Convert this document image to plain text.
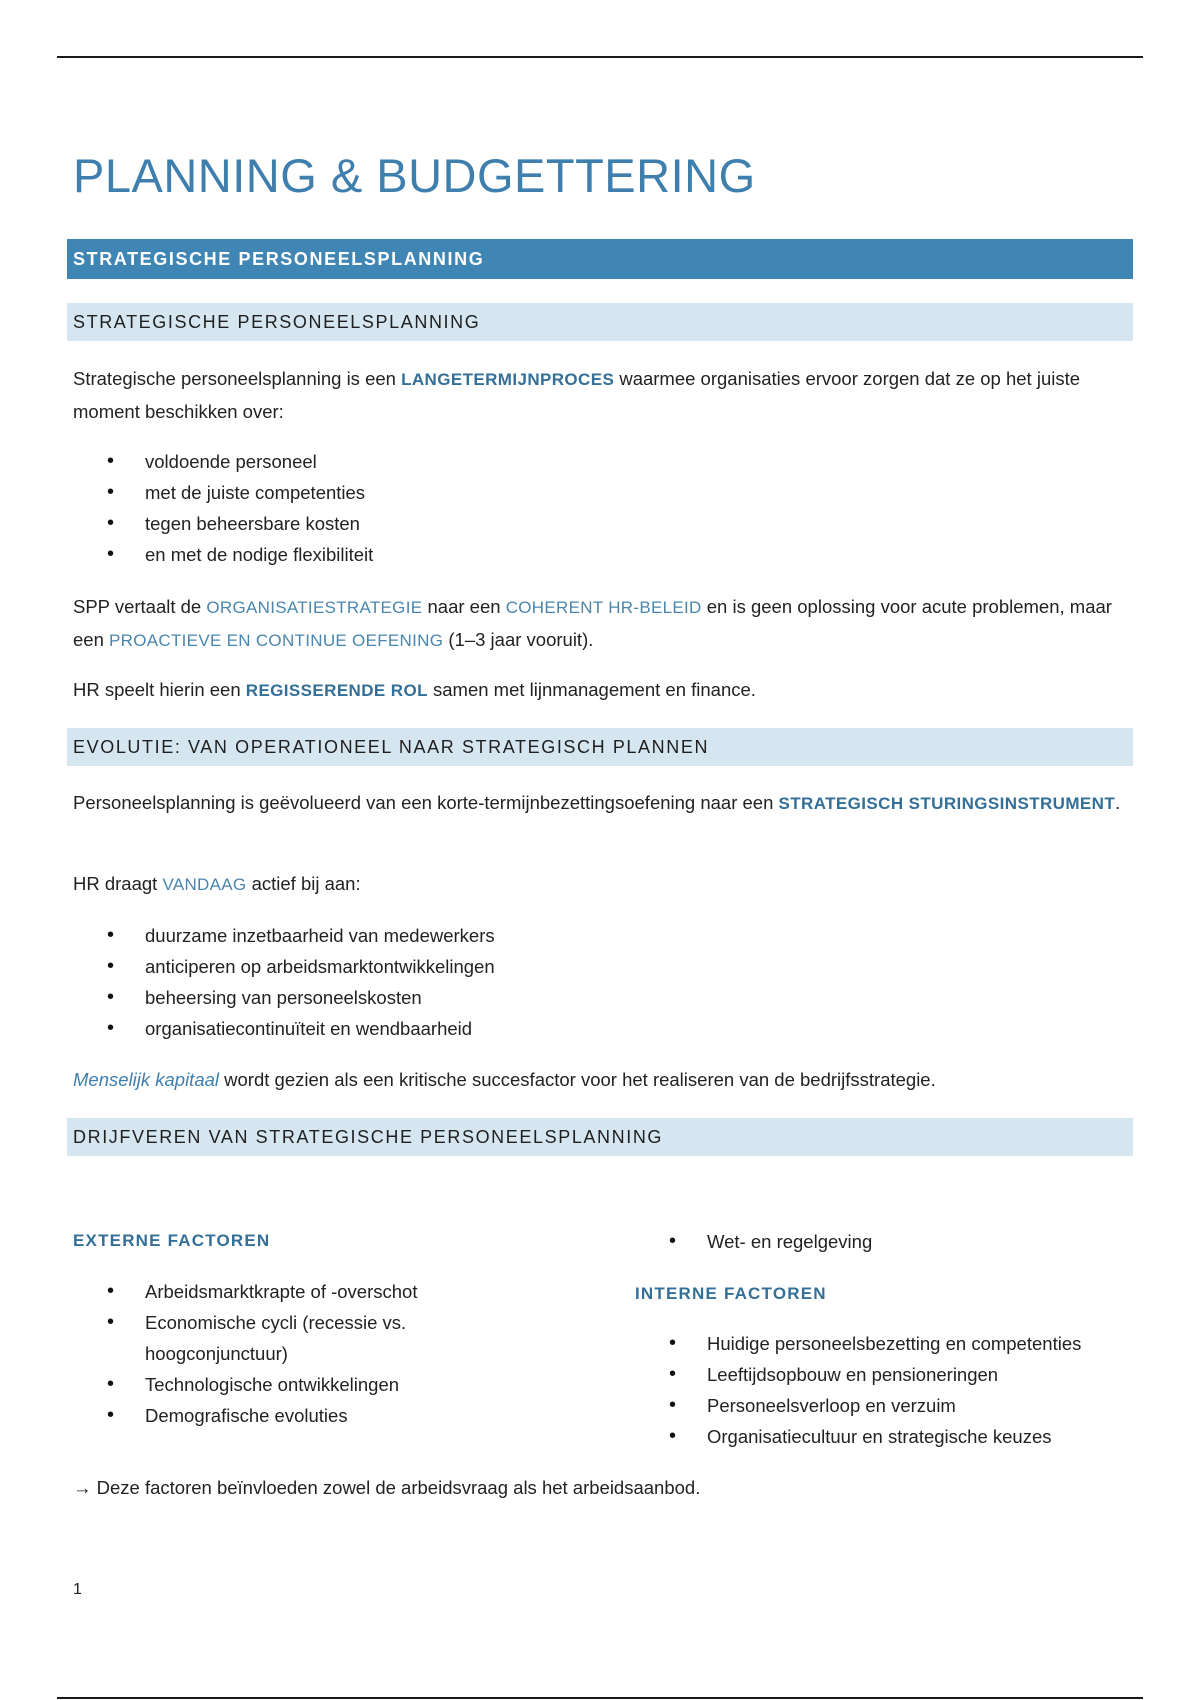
PLANNING & BUDGETTERING
STRATEGISCHE PERSONEELSPLANNING
STRATEGISCHE PERSONEELSPLANNING

Strategische personeelsplanning is een LANGETERMIJNPROCES waarmee organisaties ervoor zorgen dat ze op het juiste moment beschikken over:

• voldoende personeel
• met de juiste competenties
• tegen beheersbare kosten
• en met de nodige flexibiliteit

SPP vertaalt de ORGANISATIESTRATEGIE naar een COHERENT HR-BELEID en is geen oplossing voor acute problemen, maar een PROACTIEVE EN CONTINUE OEFENING (1–3 jaar vooruit).

HR speelt hierin een REGISSERENDE ROL samen met lijnmanagement en finance.

EVOLUTIE: VAN OPERATIONEEL NAAR STRATEGISCH PLANNEN

Personeelsplanning is geëvolueerd van een korte-termijnbezettingsoefening naar een STRATEGISCH STURINGSINSTRUMENT.

HR draagt VANDAAG actief bij aan:

• duurzame inzetbaarheid van medewerkers
• anticiperen op arbeidsmarktontwikkelingen
• beheersing van personeelskosten
• organisatiecontinuïteit en wendbaarheid

Menselijk kapitaal wordt gezien als een kritische succesfactor voor het realiseren van de bedrijfsstrategie.

DRIJFVEREN VAN STRATEGISCHE PERSONEELSPLANNING
EXTERNE FACTOREN
• Arbeidsmarktkrapte of -overschot
• Economische cycli (recessie vs. hoogconjunctuur)
• Technologische ontwikkelingen
• Demografische evoluties
• Wet- en regelgeving
INTERNE FACTOREN
• Huidige personeelsbezetting en competenties
• Leeftijdsopbouw en pensioneringen
• Personeelsverloop en verzuim
• Organisatiecultuur en strategische keuzes

→ Deze factoren beïnvloeden zowel de arbeidsvraag als het arbeidsaanbod.

1
